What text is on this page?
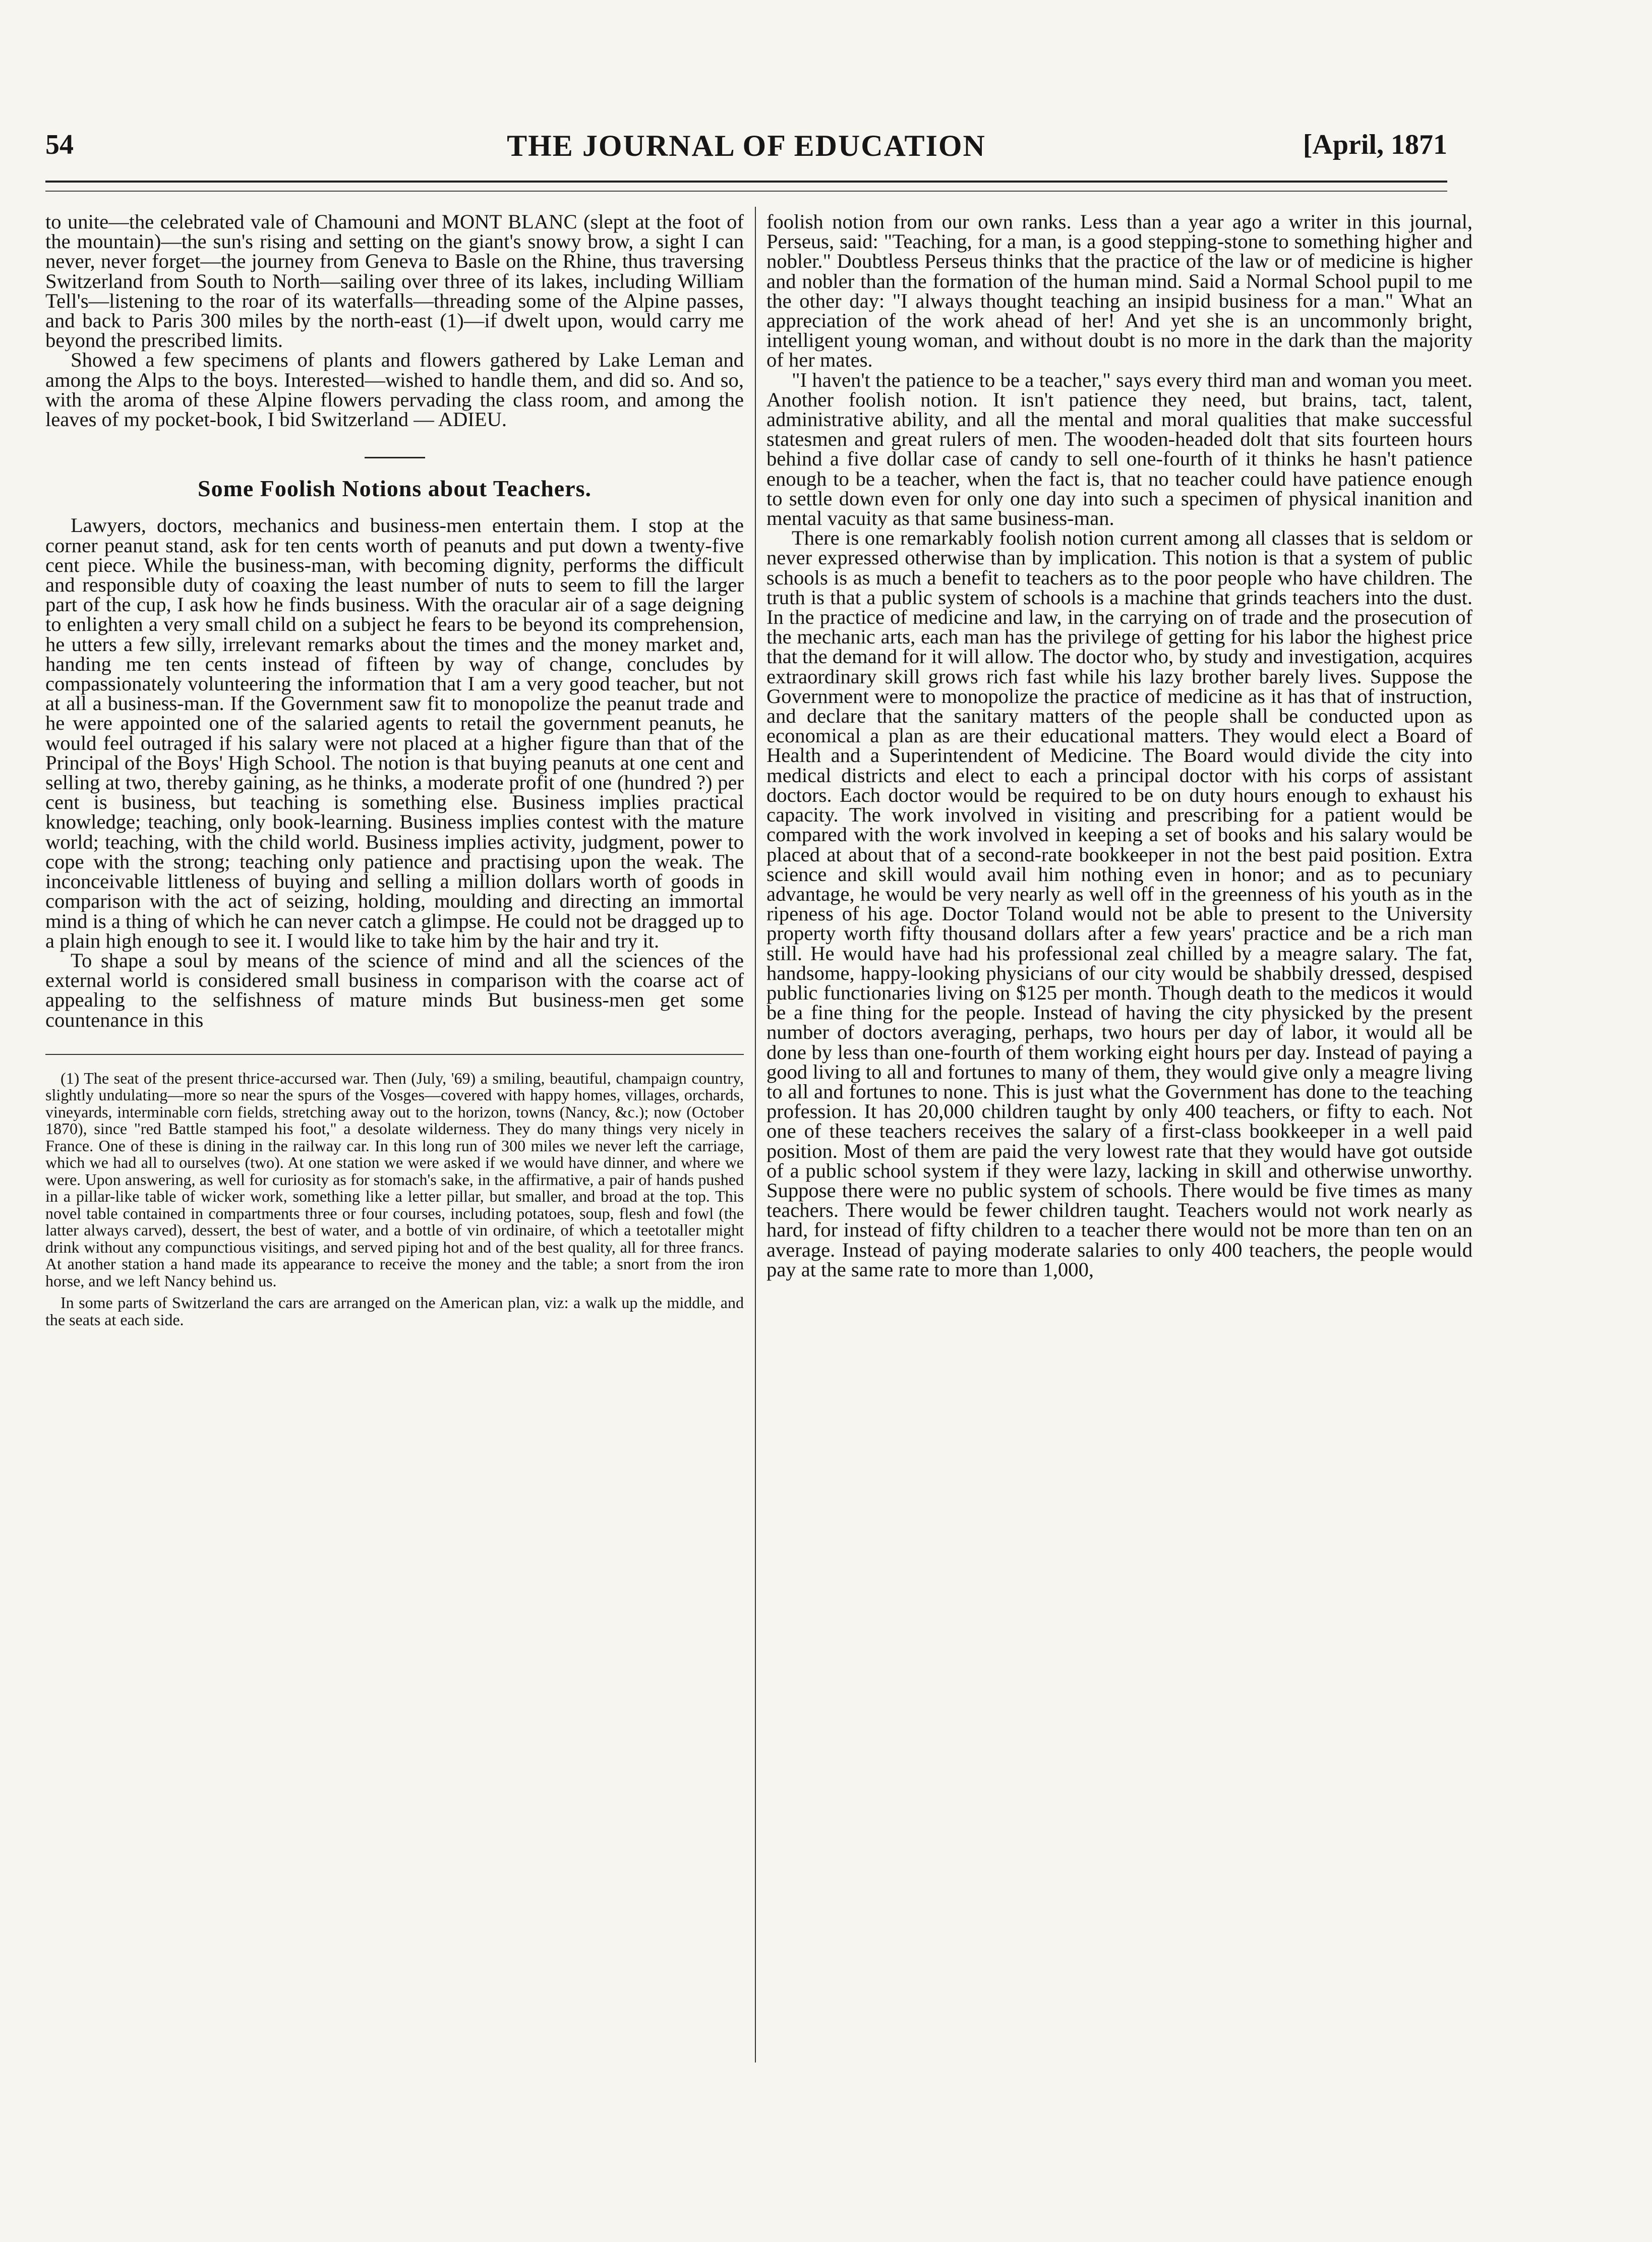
54	THE JOURNAL OF EDUCATION	[April, 1871

to unite—the celebrated vale of Chamouni and MONT BLANC (slept at the foot of the mountain)—the sun's rising and setting on the giant's snowy brow, a sight I can never, never forget—the journey from Geneva to Basle on the Rhine, thus traversing Switzerland from South to North—sailing over three of its lakes, including William Tell's—listening to the roar of its waterfalls—threading some of the Alpine passes, and back to Paris 300 miles by the north-east (1)—if dwelt upon, would carry me beyond the prescribed limits.

Showed a few specimens of plants and flowers gathered by Lake Leman and among the Alps to the boys. Interested—wished to handle them, and did so. And so, with the aroma of these Alpine flowers pervading the class room, and among the leaves of my pocket-book, I bid Switzerland — ADIEU.

Some Foolish Notions about Teachers.

Lawyers, doctors, mechanics and business-men entertain them. I stop at the corner peanut stand, ask for ten cents worth of peanuts and put down a twenty-five cent piece. While the business-man, with becoming dignity, performs the difficult and responsible duty of coaxing the least number of nuts to seem to fill the larger part of the cup, I ask how he finds business. With the oracular air of a sage deigning to enlighten a very small child on a subject he fears to be beyond its comprehension, he utters a few silly, irrelevant remarks about the times and the money market and, handing me ten cents instead of fifteen by way of change, concludes by compassionately volunteering the information that I am a very good teacher, but not at all a business-man. If the Government saw fit to monopolize the peanut trade and he were appointed one of the salaried agents to retail the government peanuts, he would feel outraged if his salary were not placed at a higher figure than that of the Principal of the Boys' High School. The notion is that buying peanuts at one cent and selling at two, thereby gaining, as he thinks, a moderate profit of one (hundred ?) per cent is business, but teaching is something else. Business implies practical knowledge; teaching, only book-learning. Business implies contest with the mature world; teaching, with the child world. Business implies activity, judgment, power to cope with the strong; teaching only patience and practising upon the weak. The inconceivable littleness of buying and selling a million dollars worth of goods in comparison with the act of seizing, holding, moulding and directing an immortal mind is a thing of which he can never catch a glimpse. He could not be dragged up to a plain high enough to see it. I would like to take him by the hair and try it.

To shape a soul by means of the science of mind and all the sciences of the external world is considered small business in comparison with the coarse act of appealing to the selfishness of mature minds But business-men get some countenance in this

(1) The seat of the present thrice-accursed war. Then (July, '69) a smiling, beautiful, champaign country, slightly undulating—more so near the spurs of the Vosges—covered with happy homes, villages, orchards, vineyards, interminable corn fields, stretching away out to the horizon, towns (Nancy, &c.); now (October 1870), since "red Battle stamped his foot," a desolate wilderness. They do many things very nicely in France. One of these is dining in the railway car. In this long run of 300 miles we never left the carriage, which we had all to ourselves (two). At one station we were asked if we would have dinner, and where we were. Upon answering, as well for curiosity as for stomach's sake, in the affirmative, a pair of hands pushed in a pillar-like table of wicker work, something like a letter pillar, but smaller, and broad at the top. This novel table contained in compartments three or four courses, including potatoes, soup, flesh and fowl (the latter always carved), dessert, the best of water, and a bottle of vin ordinaire, of which a teetotaller might drink without any compunctious visitings, and served piping hot and of the best quality, all for three francs. At another station a hand made its appearance to receive the money and the table; a snort from the iron horse, and we left Nancy behind us.

In some parts of Switzerland the cars are arranged on the American plan, viz: a walk up the middle, and the seats at each side.

foolish notion from our own ranks. Less than a year ago a writer in this journal, Perseus, said: "Teaching, for a man, is a good stepping-stone to something higher and nobler." Doubtless Perseus thinks that the practice of the law or of medicine is higher and nobler than the formation of the human mind. Said a Normal School pupil to me the other day: "I always thought teaching an insipid business for a man." What an appreciation of the work ahead of her! And yet she is an uncommonly bright, intelligent young woman, and without doubt is no more in the dark than the majority of her mates.

"I haven't the patience to be a teacher," says every third man and woman you meet. Another foolish notion. It isn't patience they need, but brains, tact, talent, administrative ability, and all the mental and moral qualities that make successful statesmen and great rulers of men. The wooden-headed dolt that sits fourteen hours behind a five dollar case of candy to sell one-fourth of it thinks he hasn't patience enough to be a teacher, when the fact is, that no teacher could have patience enough to settle down even for only one day into such a specimen of physical inanition and mental vacuity as that same business-man.

There is one remarkably foolish notion current among all classes that is seldom or never expressed otherwise than by implication. This notion is that a system of public schools is as much a benefit to teachers as to the poor people who have children. The truth is that a public system of schools is a machine that grinds teachers into the dust. In the practice of medicine and law, in the carrying on of trade and the prosecution of the mechanic arts, each man has the privilege of getting for his labor the highest price that the demand for it will allow. The doctor who, by study and investigation, acquires extraordinary skill grows rich fast while his lazy brother barely lives. Suppose the Government were to monopolize the practice of medicine as it has that of instruction, and declare that the sanitary matters of the people shall be conducted upon as economical a plan as are their educational matters. They would elect a Board of Health and a Superintendent of Medicine. The Board would divide the city into medical districts and elect to each a principal doctor with his corps of assistant doctors. Each doctor would be required to be on duty hours enough to exhaust his capacity. The work involved in visiting and prescribing for a patient would be compared with the work involved in keeping a set of books and his salary would be placed at about that of a second-rate bookkeeper in not the best paid position. Extra science and skill would avail him nothing even in honor; and as to pecuniary advantage, he would be very nearly as well off in the greenness of his youth as in the ripeness of his age. Doctor Toland would not be able to present to the University property worth fifty thousand dollars after a few years' practice and be a rich man still. He would have had his professional zeal chilled by a meagre salary. The fat, handsome, happy-looking physicians of our city would be shabbily dressed, despised public functionaries living on $125 per month. Though death to the medicos it would be a fine thing for the people. Instead of having the city physicked by the present number of doctors averaging, perhaps, two hours per day of labor, it would all be done by less than one-fourth of them working eight hours per day. Instead of paying a good living to all and fortunes to many of them, they would give only a meagre living to all and fortunes to none. This is just what the Government has done to the teaching profession. It has 20,000 children taught by only 400 teachers, or fifty to each. Not one of these teachers receives the salary of a first-class bookkeeper in a well paid position. Most of them are paid the very lowest rate that they would have got outside of a public school system if they were lazy, lacking in skill and otherwise unworthy. Suppose there were no public system of schools. There would be five times as many teachers. There would be fewer children taught. Teachers would not work nearly as hard, for instead of fifty children to a teacher there would not be more than ten on an average. Instead of paying moderate salaries to only 400 teachers, the people would pay at the same rate to more than 1,000,
